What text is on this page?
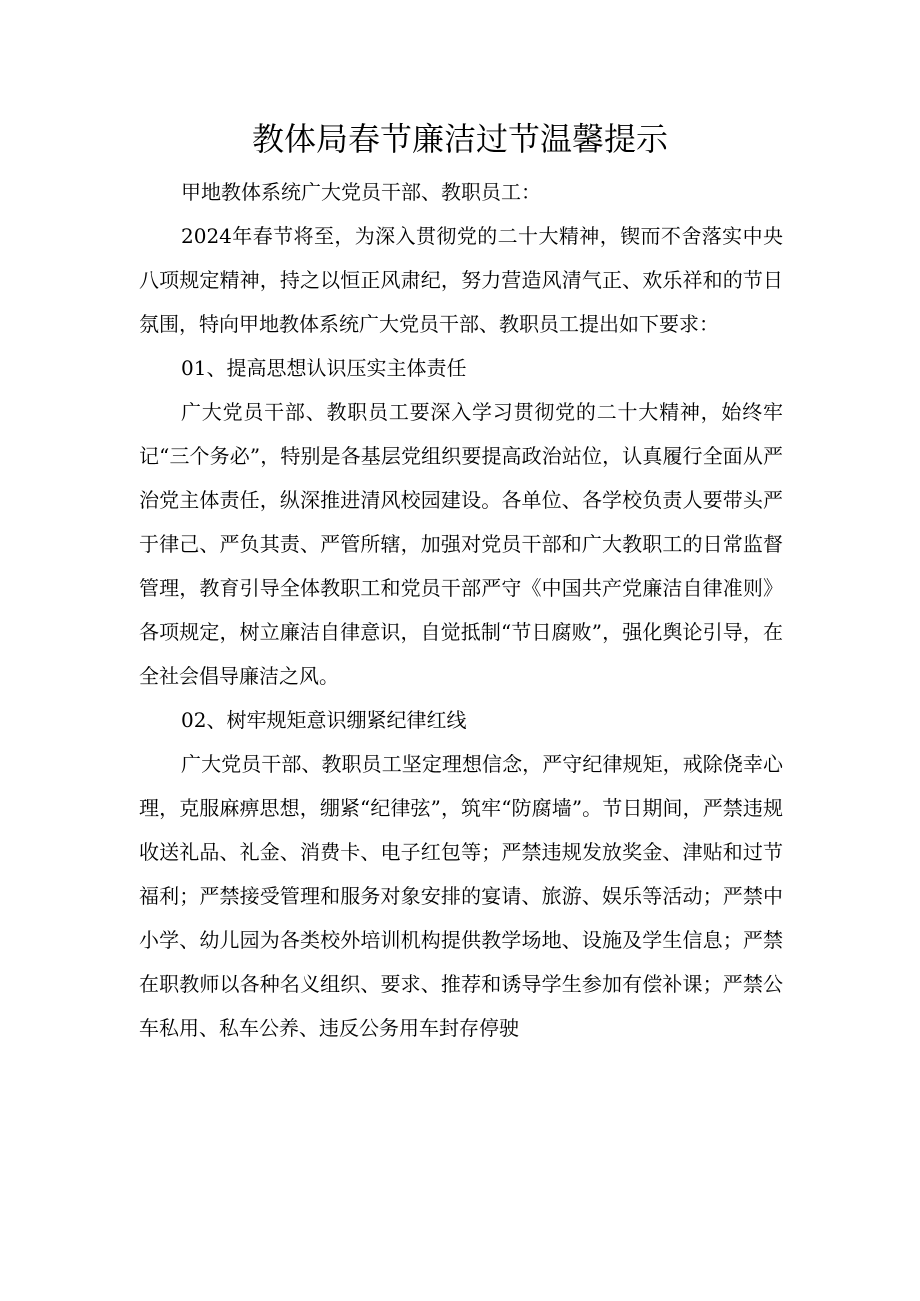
教体局春节廉洁过节温馨提示

甲地教体系统广大党员干部、教职员工：

2024年春节将至，为深入贯彻党的二十大精神，锲而不舍落实中央八项规定精神，持之以恒正风肃纪，努力营造风清气正、欢乐祥和的节日氛围，特向甲地教体系统广大党员干部、教职员工提出如下要求：

01、提高思想认识压实主体责任

广大党员干部、教职员工要深入学习贯彻党的二十大精神，始终牢记“三个务必”，特别是各基层党组织要提高政治站位，认真履行全面从严治党主体责任，纵深推进清风校园建设。各单位、各学校负责人要带头严于律己、严负其责、严管所辖，加强对党员干部和广大教职工的日常监督管理，教育引导全体教职工和党员干部严守《中国共产党廉洁自律准则》各项规定，树立廉洁自律意识，自觉抵制“节日腐败”，强化舆论引导，在全社会倡导廉洁之风。

02、树牢规矩意识绷紧纪律红线

广大党员干部、教职员工坚定理想信念，严守纪律规矩，戒除侥幸心理，克服麻痹思想，绷紧“纪律弦”，筑牢“防腐墙”。节日期间，严禁违规收送礼品、礼金、消费卡、电子红包等；严禁违规发放奖金、津贴和过节福利；严禁接受管理和服务对象安排的宴请、旅游、娱乐等活动；严禁中小学、幼儿园为各类校外培训机构提供教学场地、设施及学生信息；严禁在职教师以各种名义组织、要求、推荐和诱导学生参加有偿补课；严禁公车私用、私车公养、违反公务用车封存停驶
